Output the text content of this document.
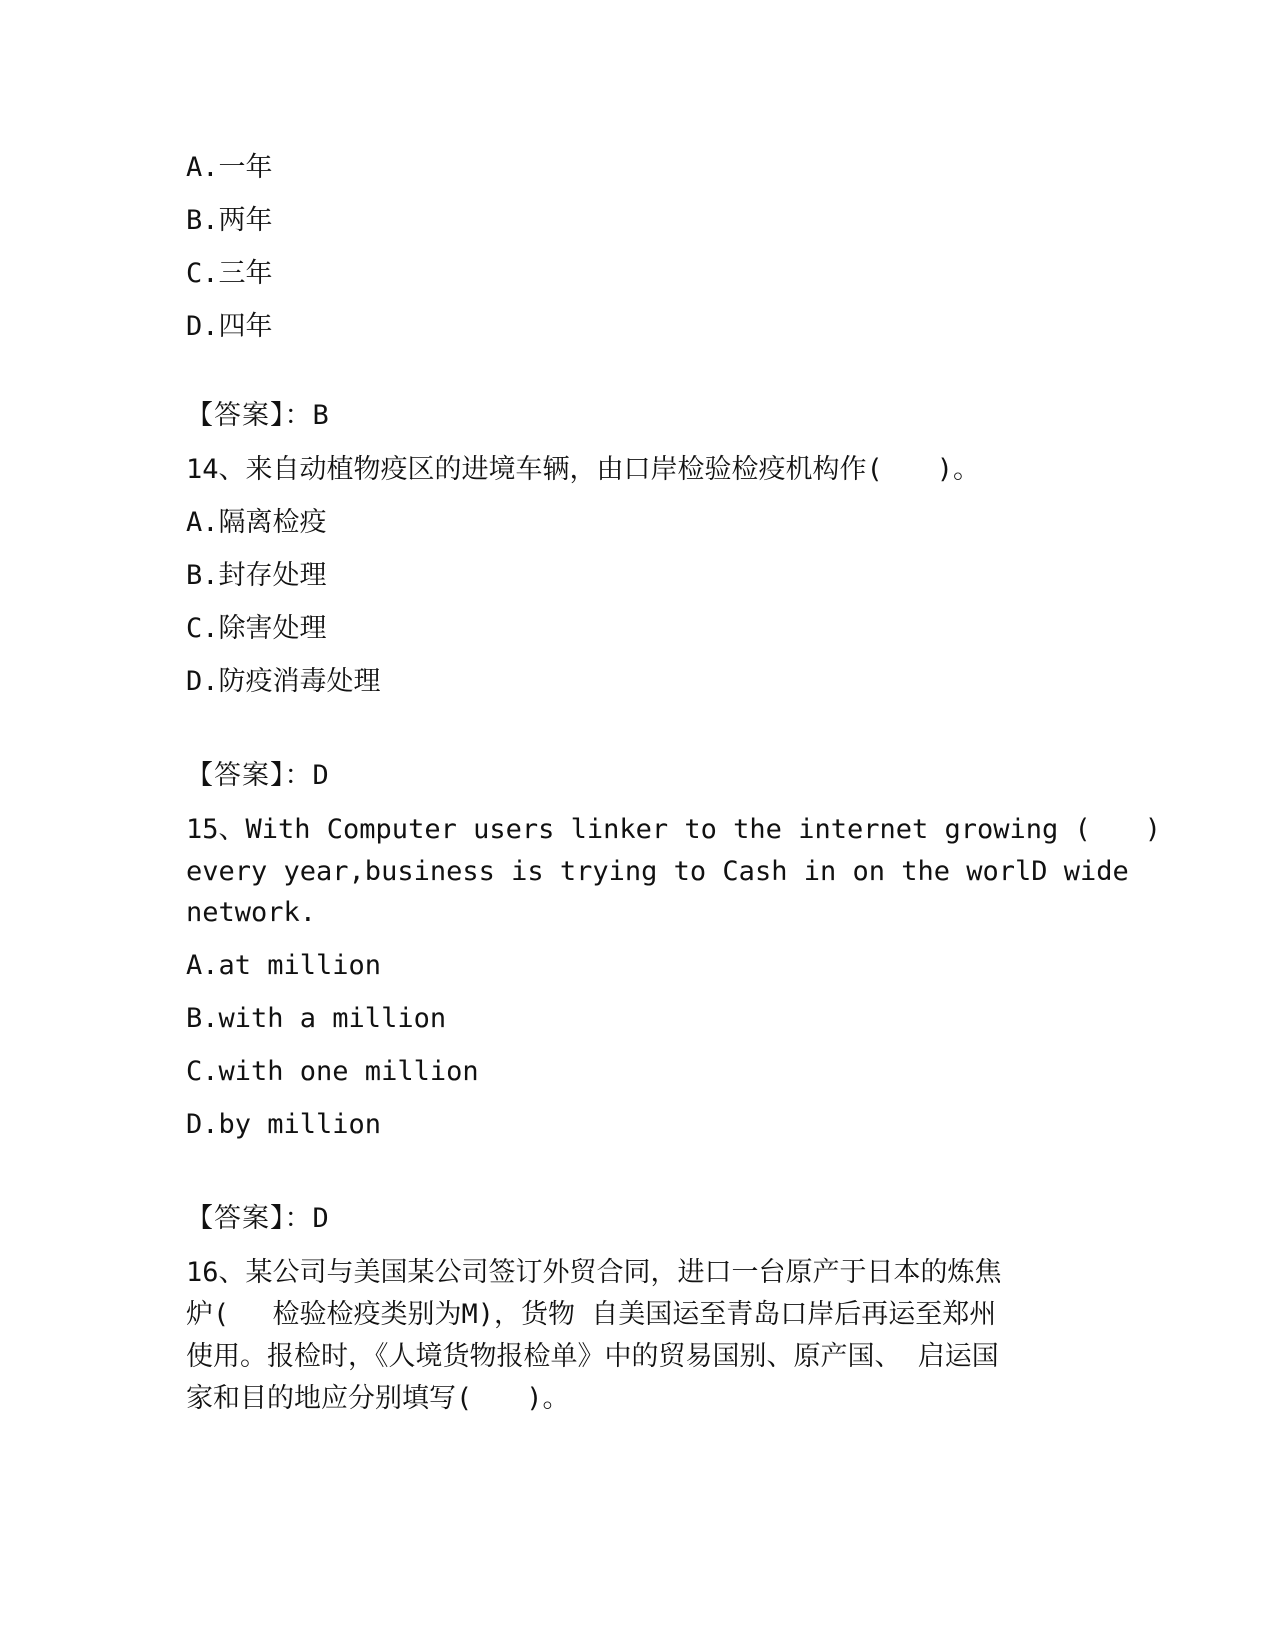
A.一年
B.两年
C.三年
D.四年
【答案】：B
14、来自动植物疫区的进境车辆，由口岸检验检疫机构作(　　)。
A.隔离检疫
B.封存处理
C.除害处理
D.防疫消毒处理
【答案】：D
15、With Computer users linker to the internet growing (　　)
every year,business is trying to Cash in on the worlD wide
network.
A.at million
B.with a million
C.with one million
D.by million
【答案】：D
16、某公司与美国某公司签订外贸合同，进口一台原产于日本的炼焦
炉(　 检验检疫类别为M)，货物 自美国运至青岛口岸后再运至郑州
使用。报检时，《人境货物报检单》中的贸易国别、原产国、 启运国
家和目的地应分别填写(　　)。
